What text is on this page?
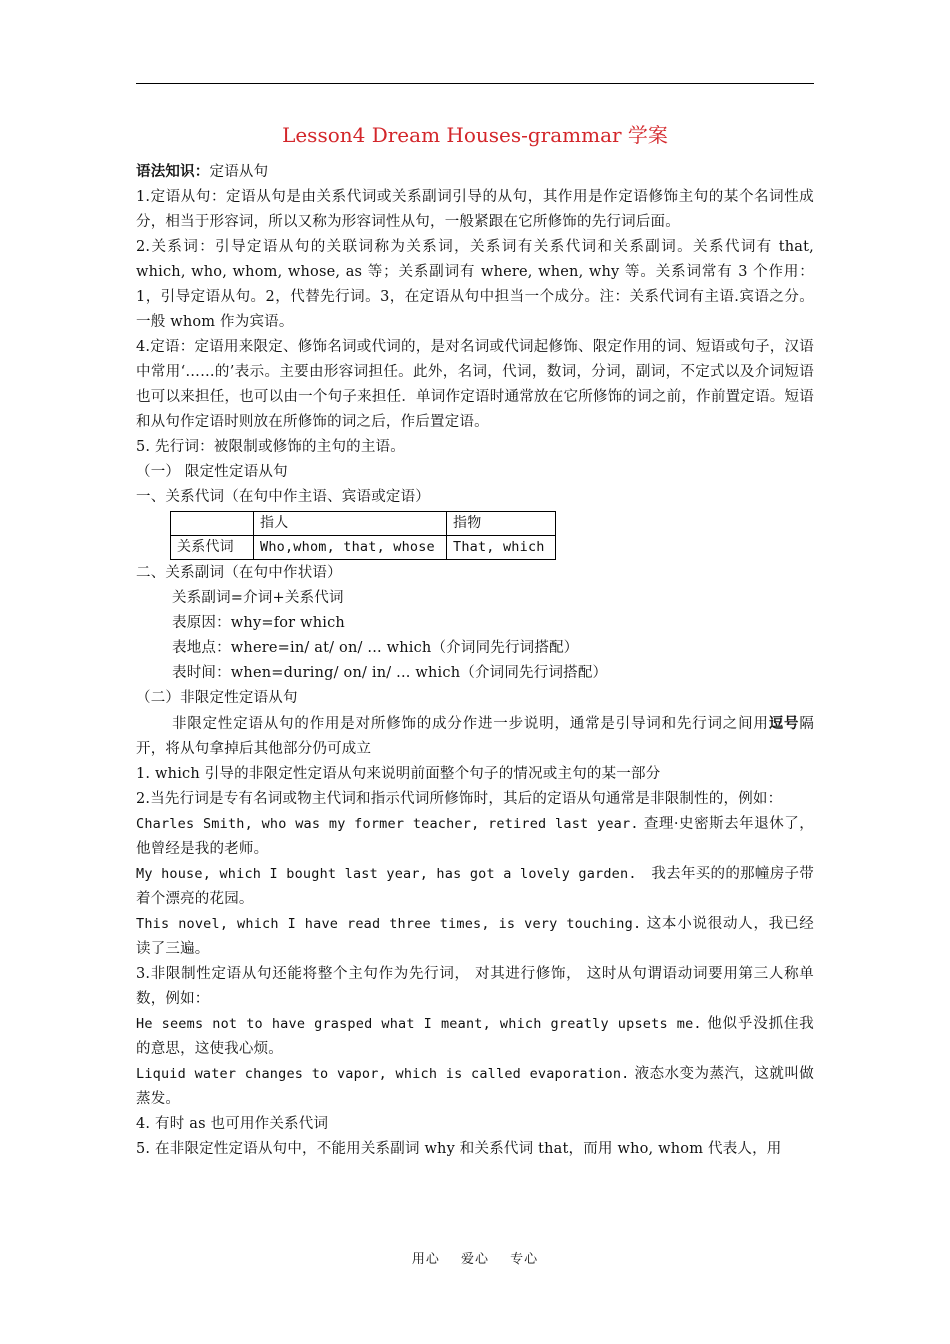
Lesson4 Dream Houses-grammar 学案

语法知识：定语从句

1.定语从句：定语从句是由关系代词或关系副词引导的从句，其作用是作定语修饰主句的某个名词性成分，相当于形容词，所以又称为形容词性从句，一般紧跟在它所修饰的先行词后面。

2.关系词：引导定语从句的关联词称为关系词，关系词有关系代词和关系副词。关系代词有 that, which, who, whom, whose, as 等；关系副词有 where, when, why 等。关系词常有 3 个作用：1，引导定语从句。2，代替先行词。3，在定语从句中担当一个成分。注：关系代词有主语.宾语之分。一般 whom 作为宾语。

4.定语：定语用来限定、修饰名词或代词的，是对名词或代词起修饰、限定作用的词、短语或句子，汉语中常用‘……的’表示。主要由形容词担任。此外，名词，代词，数词，分词，副词，不定式以及介词短语也可以来担任，也可以由一个句子来担任．单词作定语时通常放在它所修饰的词之前，作前置定语。短语和从句作定语时则放在所修饰的词之后，作后置定语。

5. 先行词：被限制或修饰的主句的主语。

（一） 限定性定语从句

一、关系代词（在句中作主语、宾语或定语）

	指人	指物
关系代词	Who,whom, that, whose	That, which

二、关系副词（在句中作状语）

关系副词=介词+关系代词

表原因：why=for which

表地点：where=in/ at/ on/ ... which（介词同先行词搭配）

表时间：when=during/ on/ in/ ... which（介词同先行词搭配）

（二）非限定性定语从句

非限定性定语从句的作用是对所修饰的成分作进一步说明，通常是引导词和先行词之间用逗号隔开，将从句拿掉后其他部分仍可成立

1. which 引导的非限定性定语从句来说明前面整个句子的情况或主句的某一部分

2.当先行词是专有名词或物主代词和指示代词所修饰时，其后的定语从句通常是非限制性的，例如：

Charles Smith, who was my former teacher, retired last year. 查理·史密斯去年退休了，他曾经是我的老师。

My house, which I bought last year, has got a lovely garden. 我去年买的的那幢房子带着个漂亮的花园。

This novel, which I have read three times, is very touching. 这本小说很动人，我已经读了三遍。

3.非限制性定语从句还能将整个主句作为先行词， 对其进行修饰， 这时从句谓语动词要用第三人称单数，例如：

He seems not to have grasped what I meant, which greatly upsets me. 他似乎没抓住我的意思，这使我心烦。

Liquid water changes to vapor, which is called evaporation. 液态水变为蒸汽，这就叫做蒸发。

4. 有时 as 也可用作关系代词

5. 在非限定性定语从句中，不能用关系副词 why 和关系代词 that，而用 who, whom 代表人，用

用心 爱心 专心
